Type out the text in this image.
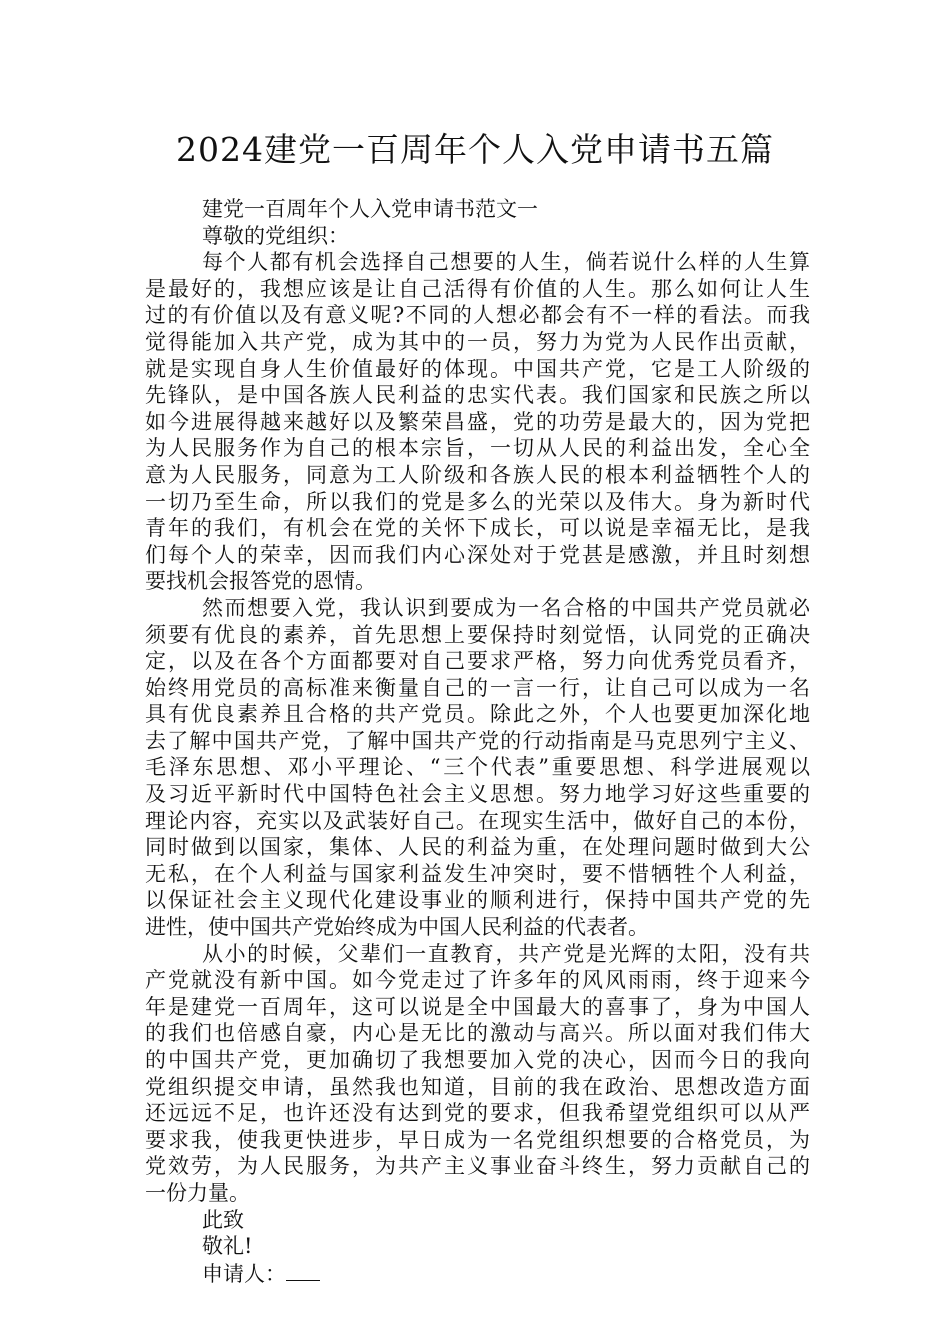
2024建党一百周年个人入党申请书五篇
建党一百周年个人入党申请书范文一
尊敬的党组织：
每个人都有机会选择自己想要的人生，倘若说什么样的人生算
是最好的，我想应该是让自己活得有价值的人生。那么如何让人生
过的有价值以及有意义呢?不同的人想必都会有不一样的看法。而我
觉得能加入共产党，成为其中的一员，努力为党为人民作出贡献，
就是实现自身人生价值最好的体现。中国共产党，它是工人阶级的
先锋队，是中国各族人民利益的忠实代表。我们国家和民族之所以
如今进展得越来越好以及繁荣昌盛，党的功劳是最大的，因为党把
为人民服务作为自己的根本宗旨，一切从人民的利益出发，全心全
意为人民服务，同意为工人阶级和各族人民的根本利益牺牲个人的
一切乃至生命，所以我们的党是多么的光荣以及伟大。身为新时代
青年的我们，有机会在党的关怀下成长，可以说是幸福无比，是我
们每个人的荣幸，因而我们内心深处对于党甚是感激，并且时刻想
要找机会报答党的恩情。
然而想要入党，我认识到要成为一名合格的中国共产党员就必
须要有优良的素养，首先思想上要保持时刻觉悟，认同党的正确决
定，以及在各个方面都要对自己要求严格，努力向优秀党员看齐，
始终用党员的高标准来衡量自己的一言一行，让自己可以成为一名
具有优良素养且合格的共产党员。除此之外，个人也要更加深化地
去了解中国共产党，了解中国共产党的行动指南是马克思列宁主义、
毛泽东思想、邓小平理论、“三个代表”重要思想、科学进展观以
及习近平新时代中国特色社会主义思想。努力地学习好这些重要的
理论内容，充实以及武装好自己。在现实生活中，做好自己的本份，
同时做到以国家，集体、人民的利益为重，在处理问题时做到大公
无私，在个人利益与国家利益发生冲突时，要不惜牺牲个人利益，
以保证社会主义现代化建设事业的顺利进行，保持中国共产党的先
进性，使中国共产党始终成为中国人民利益的代表者。
从小的时候，父辈们一直教育，共产党是光辉的太阳，没有共
产党就没有新中国。如今党走过了许多年的风风雨雨，终于迎来今
年是建党一百周年，这可以说是全中国最大的喜事了，身为中国人
的我们也倍感自豪，内心是无比的激动与高兴。所以面对我们伟大
的中国共产党，更加确切了我想要加入党的决心，因而今日的我向
党组织提交申请，虽然我也知道，目前的我在政治、思想改造方面
还远远不足，也许还没有达到党的要求，但我希望党组织可以从严
要求我，使我更快进步，早日成为一名党组织想要的合格党员，为
党效劳，为人民服务，为共产主义事业奋斗终生，努力贡献自己的
一份力量。
此致
敬礼!
申请人：
